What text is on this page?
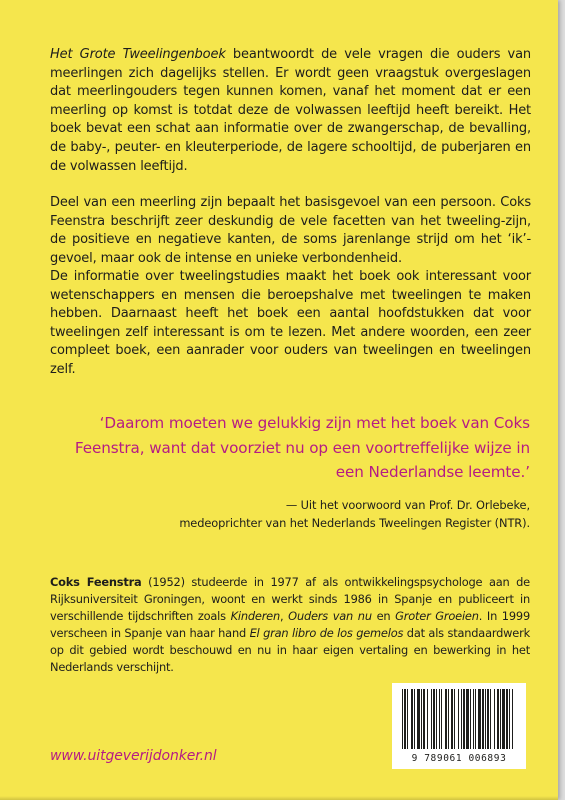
Het Grote Tweelingenboek beantwoordt de vele vragen die ouders van meerlingen zich dagelijks stellen. Er wordt geen vraagstuk overgeslagen dat meerlingouders tegen kunnen komen, vanaf het moment dat er een meerling op komst is totdat deze de volwassen leeftijd heeft bereikt. Het boek bevat een schat aan informatie over de zwangerschap, de bevalling, de baby-, peuter- en kleuterperiode, de lagere schooltijd, de puberjaren en de volwassen leeftijd.

Deel van een meerling zijn bepaalt het basisgevoel van een persoon. Coks Feenstra beschrijft zeer deskundig de vele facetten van het tweeling-zijn, de positieve en negatieve kanten, de soms jarenlange strijd om het ‘ik’-gevoel, maar ook de intense en unieke verbondenheid.

De informatie over tweelingstudies maakt het boek ook interessant voor wetenschappers en mensen die beroepshalve met tweelingen te maken hebben. Daarnaast heeft het boek een aantal hoofdstukken dat voor tweelingen zelf interessant is om te lezen. Met andere woorden, een zeer compleet boek, een aanrader voor ouders van tweelingen en tweelingen zelf.

‘Daarom moeten we gelukkig zijn met het boek van Coks Feenstra, want dat voorziet nu op een voortreffelijke wijze in een Nederlandse leemte.’

— Uit het voorwoord van Prof. Dr. Orlebeke,
medeoprichter van het Nederlands Tweelingen Register (NTR).

Coks Feenstra (1952) studeerde in 1977 af als ontwikkelingspsychologe aan de Rijksuniversiteit Groningen, woont en werkt sinds 1986 in Spanje en publiceert in verschillende tijdschriften zoals Kinderen, Ouders van nu en Groter Groeien. In 1999 verscheen in Spanje van haar hand El gran libro de los gemelos dat als standaardwerk op dit gebied wordt beschouwd en nu in haar eigen vertaling en bewerking in het Nederlands verschijnt.

9 789061 006893

www.uitgeverijdonker.nl
